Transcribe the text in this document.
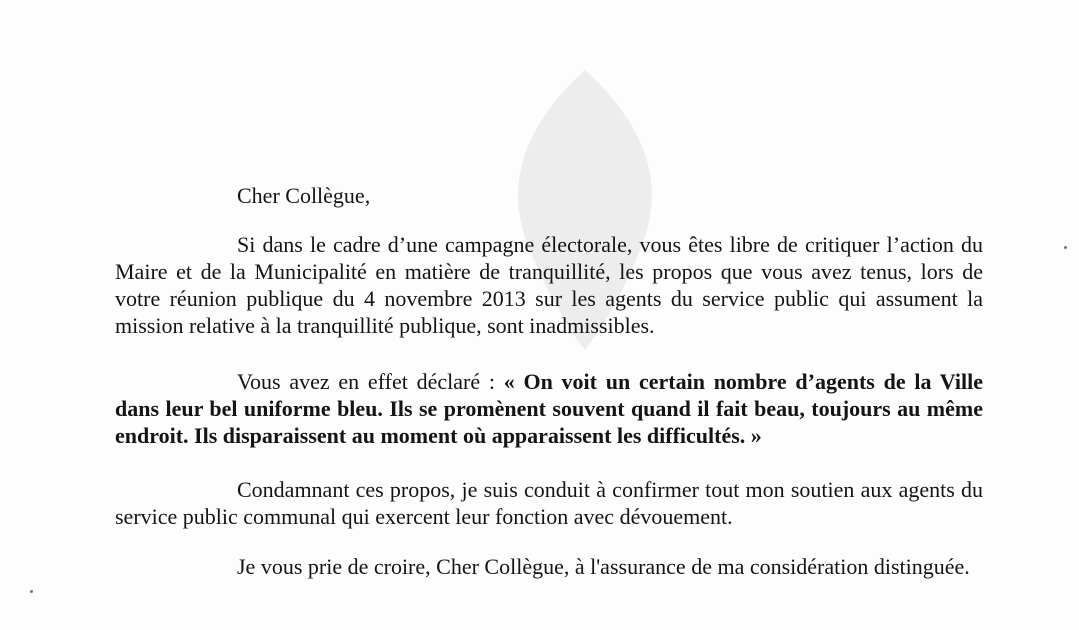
Cher Collègue,

Si dans le cadre d’une campagne électorale, vous êtes libre de critiquer l’action du Maire et de la Municipalité en matière de tranquillité, les propos que vous avez tenus, lors de votre réunion publique du 4 novembre 2013 sur les agents du service public qui assument la mission relative à la tranquillité publique, sont inadmissibles.

Vous avez en effet déclaré : « On voit un certain nombre d’agents de la Ville dans leur bel uniforme bleu. Ils se promènent souvent quand il fait beau, toujours au même endroit. Ils disparaissent au moment où apparaissent les difficultés. »

Condamnant ces propos, je suis conduit à confirmer tout mon soutien aux agents du service public communal qui exercent leur fonction avec dévouement.

Je vous prie de croire, Cher Collègue, à l'assurance de ma considération distinguée.
